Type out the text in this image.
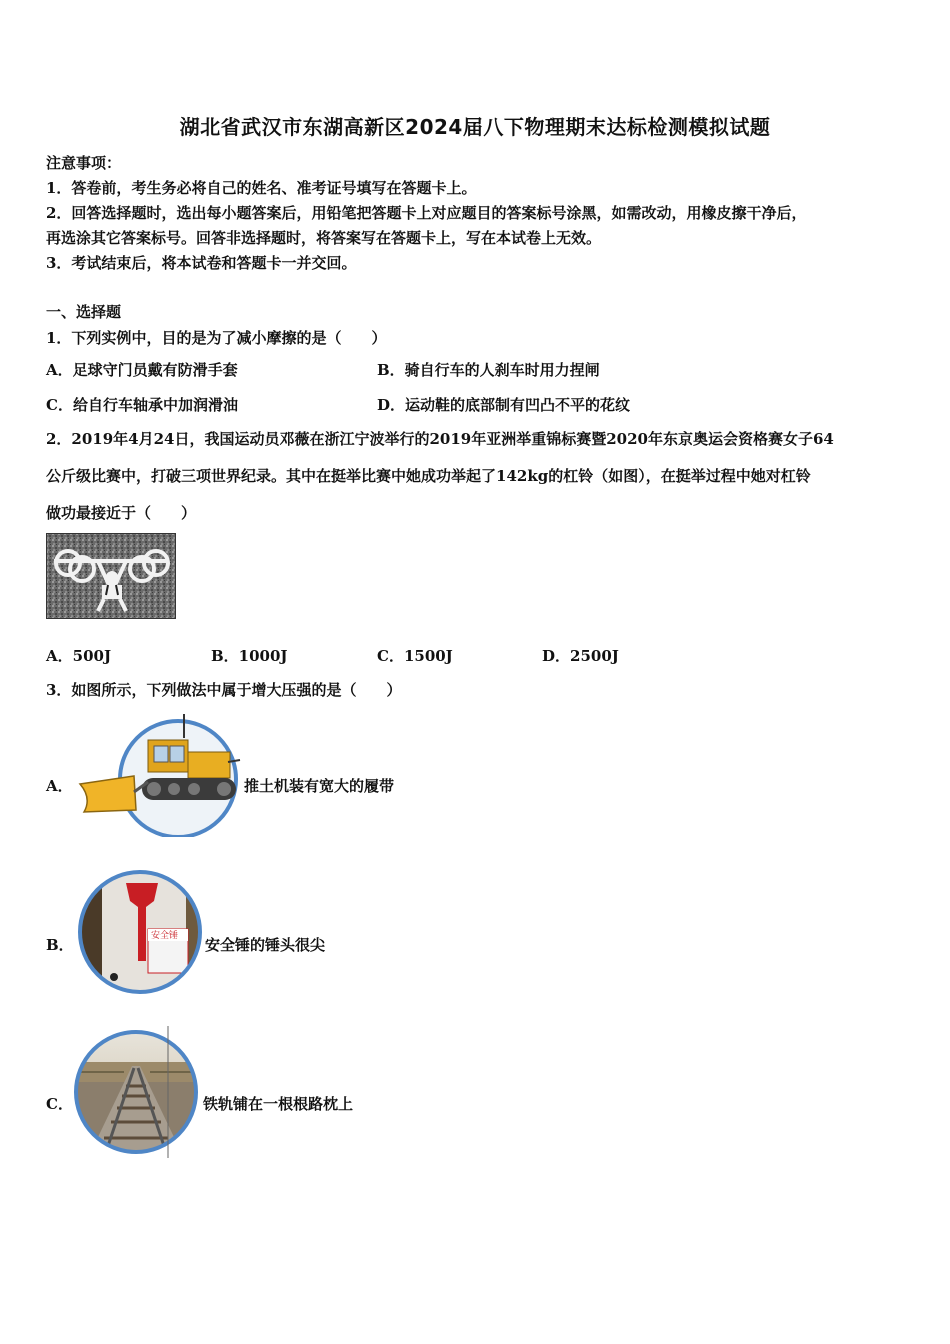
湖北省武汉市东湖高新区2024届八下物理期末达标检测模拟试题
注意事项：
1．答卷前，考生务必将自己的姓名、准考证号填写在答题卡上。
2．回答选择题时，选出每小题答案后，用铅笔把答题卡上对应题目的答案标号涂黑，如需改动，用橡皮擦干净后，
再选涂其它答案标号。回答非选择题时，将答案写在答题卡上，写在本试卷上无效。
3．考试结束后，将本试卷和答题卡一并交回。
一、选择题
1．下列实例中，目的是为了减小摩擦的是（　　）
A．足球守门员戴有防滑手套	B．骑自行车的人刹车时用力捏闸
C．给自行车轴承中加润滑油	D．运动鞋的底部制有凹凸不平的花纹
2．2019年4月24日，我国运动员邓薇在浙江宁波举行的2019年亚洲举重锦标赛暨2020年东京奥运会资格赛女子64
公斤级比赛中，打破三项世界纪录。其中在挺举比赛中她成功举起了142kg的杠铃（如图），在挺举过程中她对杠铃
做功最接近于（　　）
A．500J	B．1000J	C．1500J	D．2500J
3．如图所示，下列做法中属于增大压强的是（　　）
A．	推土机装有宽大的履带
B．	安全锤 安全锤的锤头很尖
C．	铁轨铺在一根根路枕上
